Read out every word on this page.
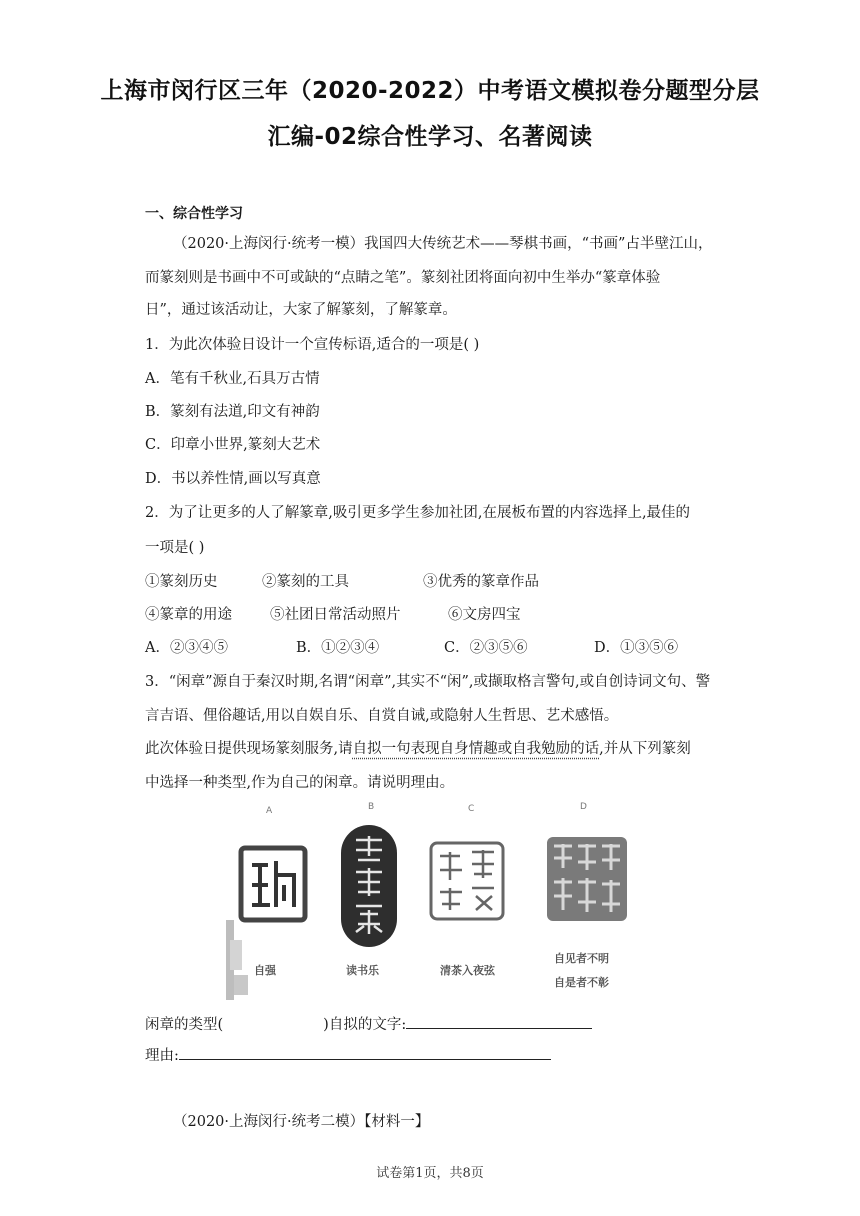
上海市闵行区三年（2020-2022）中考语文模拟卷分题型分层
汇编-02综合性学习、名著阅读
一、综合性学习
（2020·上海闵行·统考一模）我国四大传统艺术——琴棋书画，“书画”占半壁江山，
而篆刻则是书画中不可或缺的“点睛之笔”。篆刻社团将面向初中生举办“篆章体验
日”，通过该活动让，大家了解篆刻，了解篆章。
1．为此次体验日设计一个宣传标语,适合的一项是( )
A．笔有千秋业,石具万古情
B．篆刻有法道,印文有神韵
C．印章小世界,篆刻大艺术
D．书以养性情,画以写真意
2．为了让更多的人了解篆章,吸引更多学生参加社团,在展板布置的内容选择上,最佳的
一项是( )
①篆刻历史	②篆刻的工具	③优秀的篆章作品
④篆章的用途	⑤社团日常活动照片	⑥文房四宝
A．②③④⑤	B．①②③④	C．②③⑤⑥	D．①③⑤⑥
3．“闲章”源自于秦汉时期,名谓“闲章”,其实不“闲”,或撷取格言警句,或自创诗词文句、警
言吉语、俚俗趣话,用以自娱自乐、自赏自诫,或隐射人生哲思、艺术感悟。
此次体验日提供现场篆刻服务,请自拟一句表现自身情趣或自我勉励的话,并从下列篆刻
中选择一种类型,作为自己的闲章。请说明理由。
A	B	C	D
自强	读书乐	清茶入夜弦
自见者不明
自是者不彰
闲章的类型(	)自拟的文字:
理由:
（2020·上海闵行·统考二模）【材料一】
试卷第1页，共8页
